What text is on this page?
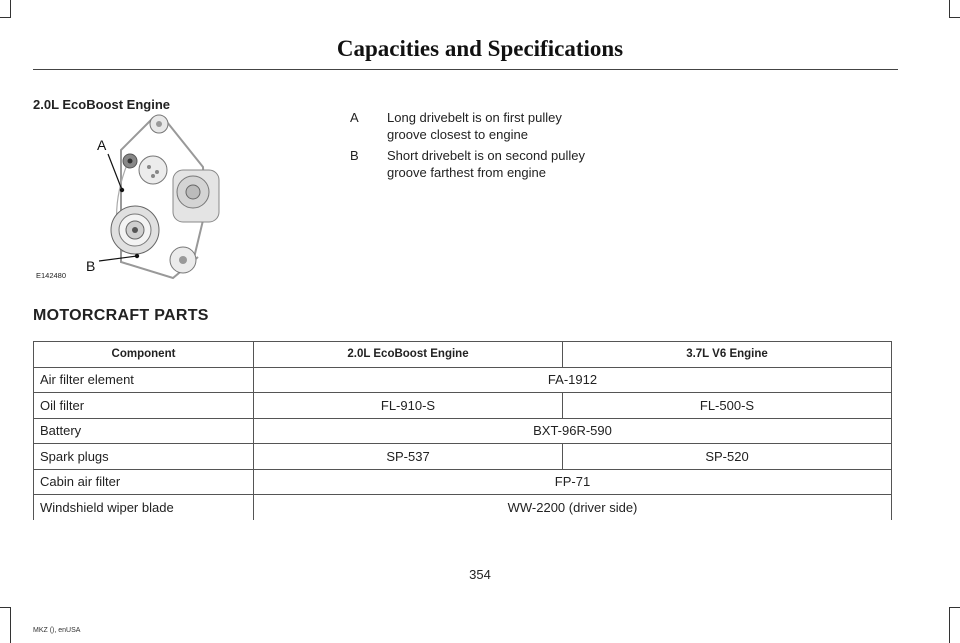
Capacities and Specifications
2.0L EcoBoost Engine
A
B
E142480
A	Long drivebelt is on first pulley groove closest to engine
B	Short drivebelt is on second pulley groove farthest from engine
MOTORCRAFT PARTS
Component	2.0L EcoBoost Engine	3.7L V6 Engine
Air filter element	FA-1912	
Oil filter	FL-910-S	FL-500-S
Battery	BXT-96R-590	
Spark plugs	SP-537	SP-520
Cabin air filter	FP-71	
Windshield wiper blade	WW-2200 (driver side)	
354
MKZ (), enUSA
